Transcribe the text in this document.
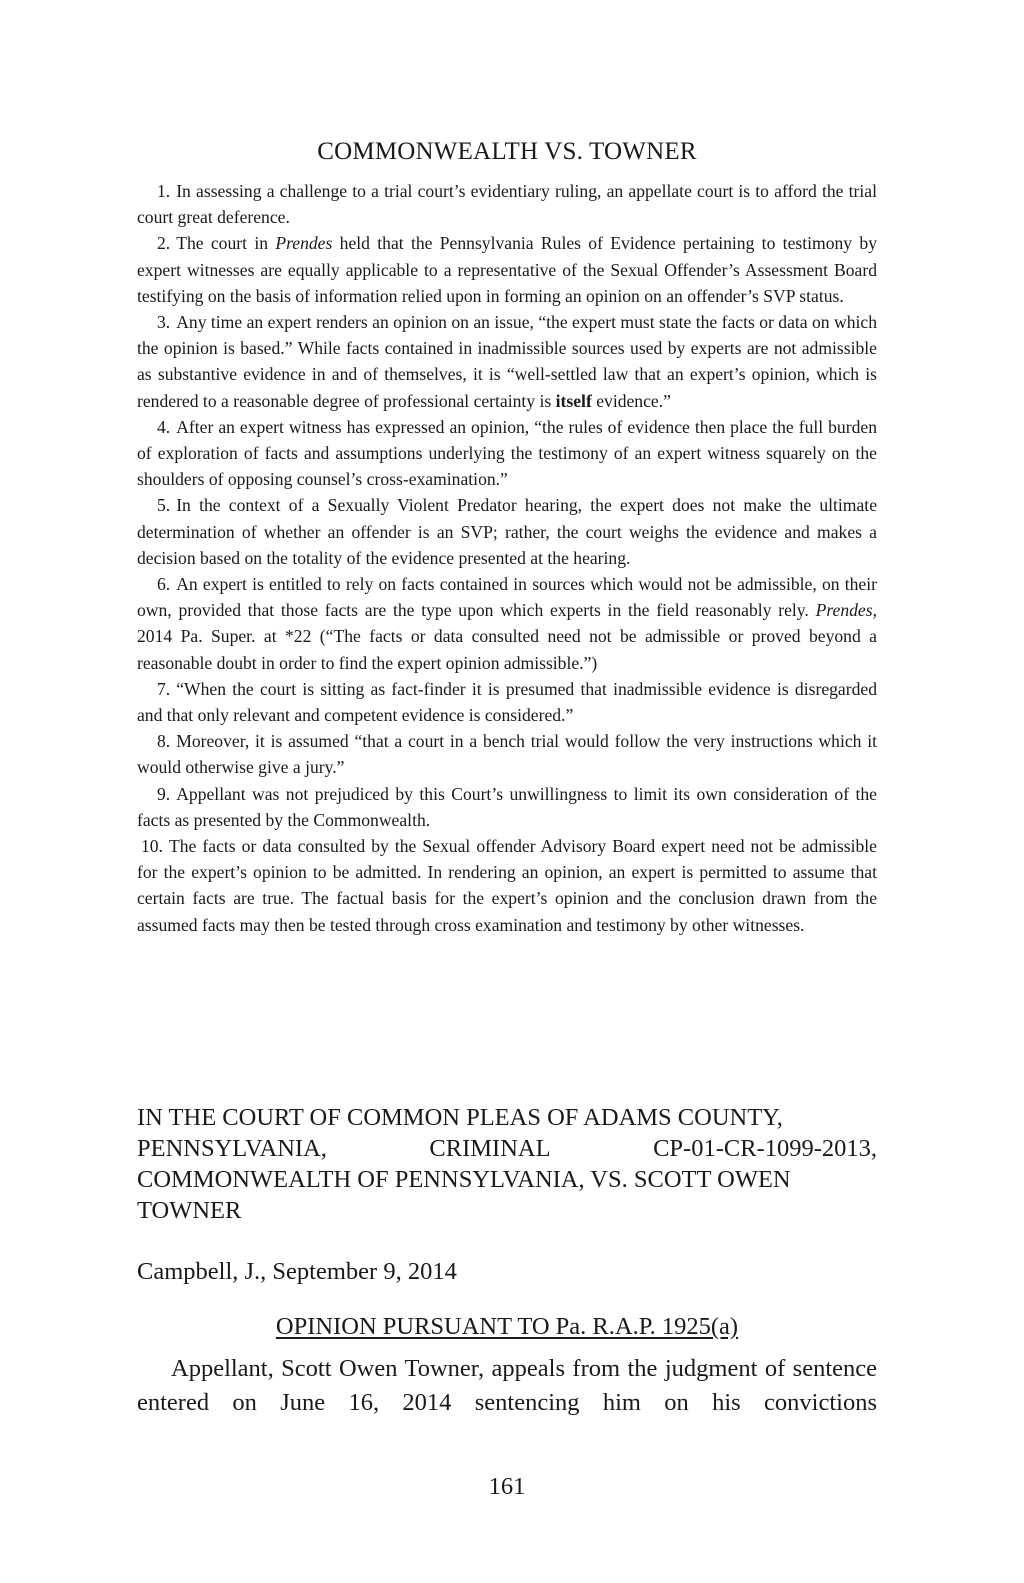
COMMONWEALTH VS. TOWNER

1. In assessing a challenge to a trial court’s evidentiary ruling, an appellate court is to afford the trial court great deference.

2. The court in Prendes held that the Pennsylvania Rules of Evidence pertaining to testimony by expert witnesses are equally applicable to a representative of the Sexual Offender’s Assessment Board testifying on the basis of information relied upon in forming an opinion on an offender’s SVP status.

3. Any time an expert renders an opinion on an issue, “the expert must state the facts or data on which the opinion is based.” While facts contained in inadmissible sources used by experts are not admissible as substantive evidence in and of themselves, it is “well-settled law that an expert’s opinion, which is rendered to a reasonable degree of professional certainty is itself evidence.”

4. After an expert witness has expressed an opinion, “the rules of evidence then place the full burden of exploration of facts and assumptions underlying the testimony of an expert witness squarely on the shoulders of opposing counsel’s cross-examination.”

5. In the context of a Sexually Violent Predator hearing, the expert does not make the ultimate determination of whether an offender is an SVP; rather, the court weighs the evidence and makes a decision based on the totality of the evidence presented at the hearing.

6. An expert is entitled to rely on facts contained in sources which would not be admissible, on their own, provided that those facts are the type upon which experts in the field reasonably rely. Prendes, 2014 Pa. Super. at *22 (“The facts or data consulted need not be admissible or proved beyond a reasonable doubt in order to find the expert opinion admissible.”)

7. “When the court is sitting as fact-finder it is presumed that inadmissible evidence is disregarded and that only relevant and competent evidence is considered.”

8. Moreover, it is assumed “that a court in a bench trial would follow the very instructions which it would otherwise give a jury.”

9. Appellant was not prejudiced by this Court’s unwillingness to limit its own consideration of the facts as presented by the Commonwealth.

10. The facts or data consulted by the Sexual offender Advisory Board expert need not be admissible for the expert’s opinion to be admitted. In rendering an opinion, an expert is permitted to assume that certain facts are true. The factual basis for the expert’s opinion and the conclusion drawn from the assumed facts may then be tested through cross examination and testimony by other witnesses.

IN THE COURT OF COMMON PLEAS OF ADAMS COUNTY,
PENNSYLVANIA,	CRIMINAL	CP-01-CR-1099-2013,
COMMONWEALTH OF PENNSYLVANIA, VS. SCOTT OWEN
TOWNER
Campbell, J., September 9, 2014
OPINION PURSUANT TO Pa. R.A.P. 1925(a)

Appellant, Scott Owen Towner, appeals from the judgment of sentence entered on June 16, 2014 sentencing him on his convictions

161
